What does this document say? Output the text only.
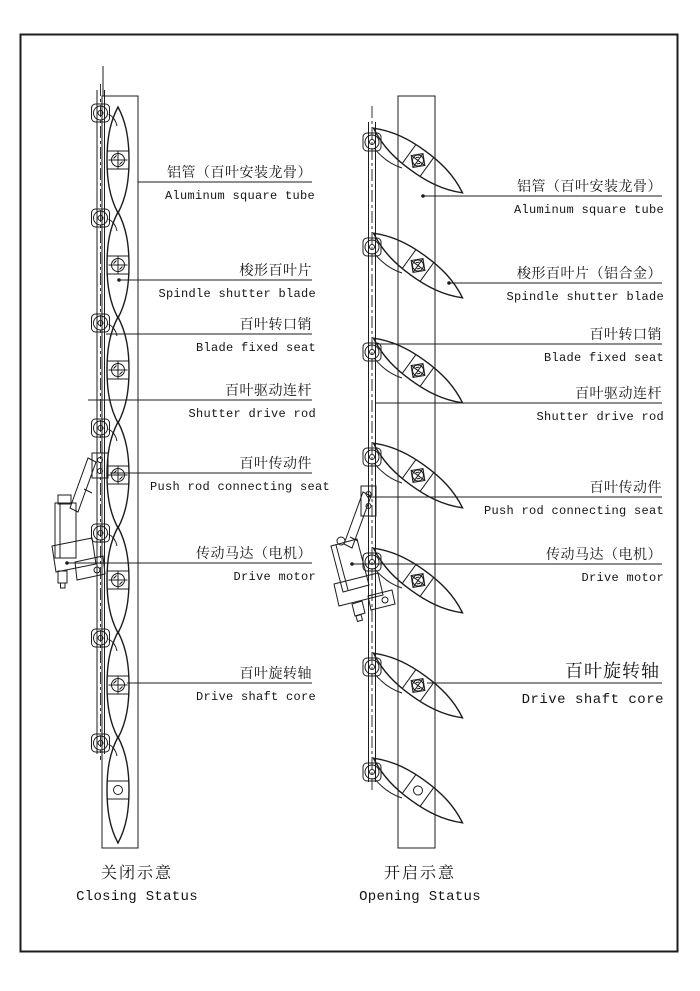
铝管（百叶安装龙骨）
Aluminum square tube
梭形百叶片
Spindle shutter blade
百叶转口销
Blade fixed seat
百叶驱动连杆
Shutter drive rod
百叶传动件
Push rod connecting seat
传动马达（电机）
Drive motor
百叶旋转轴
Drive shaft core
铝管（百叶安装龙骨）
Aluminum square tube
梭形百叶片（铝合金）
Spindle shutter blade
百叶转口销
Blade fixed seat
百叶驱动连杆
Shutter drive rod
百叶传动件
Push rod connecting seat
传动马达（电机）
Drive motor
百叶旋转轴
Drive shaft core
关闭示意
Closing Status
开启示意
Opening Status
